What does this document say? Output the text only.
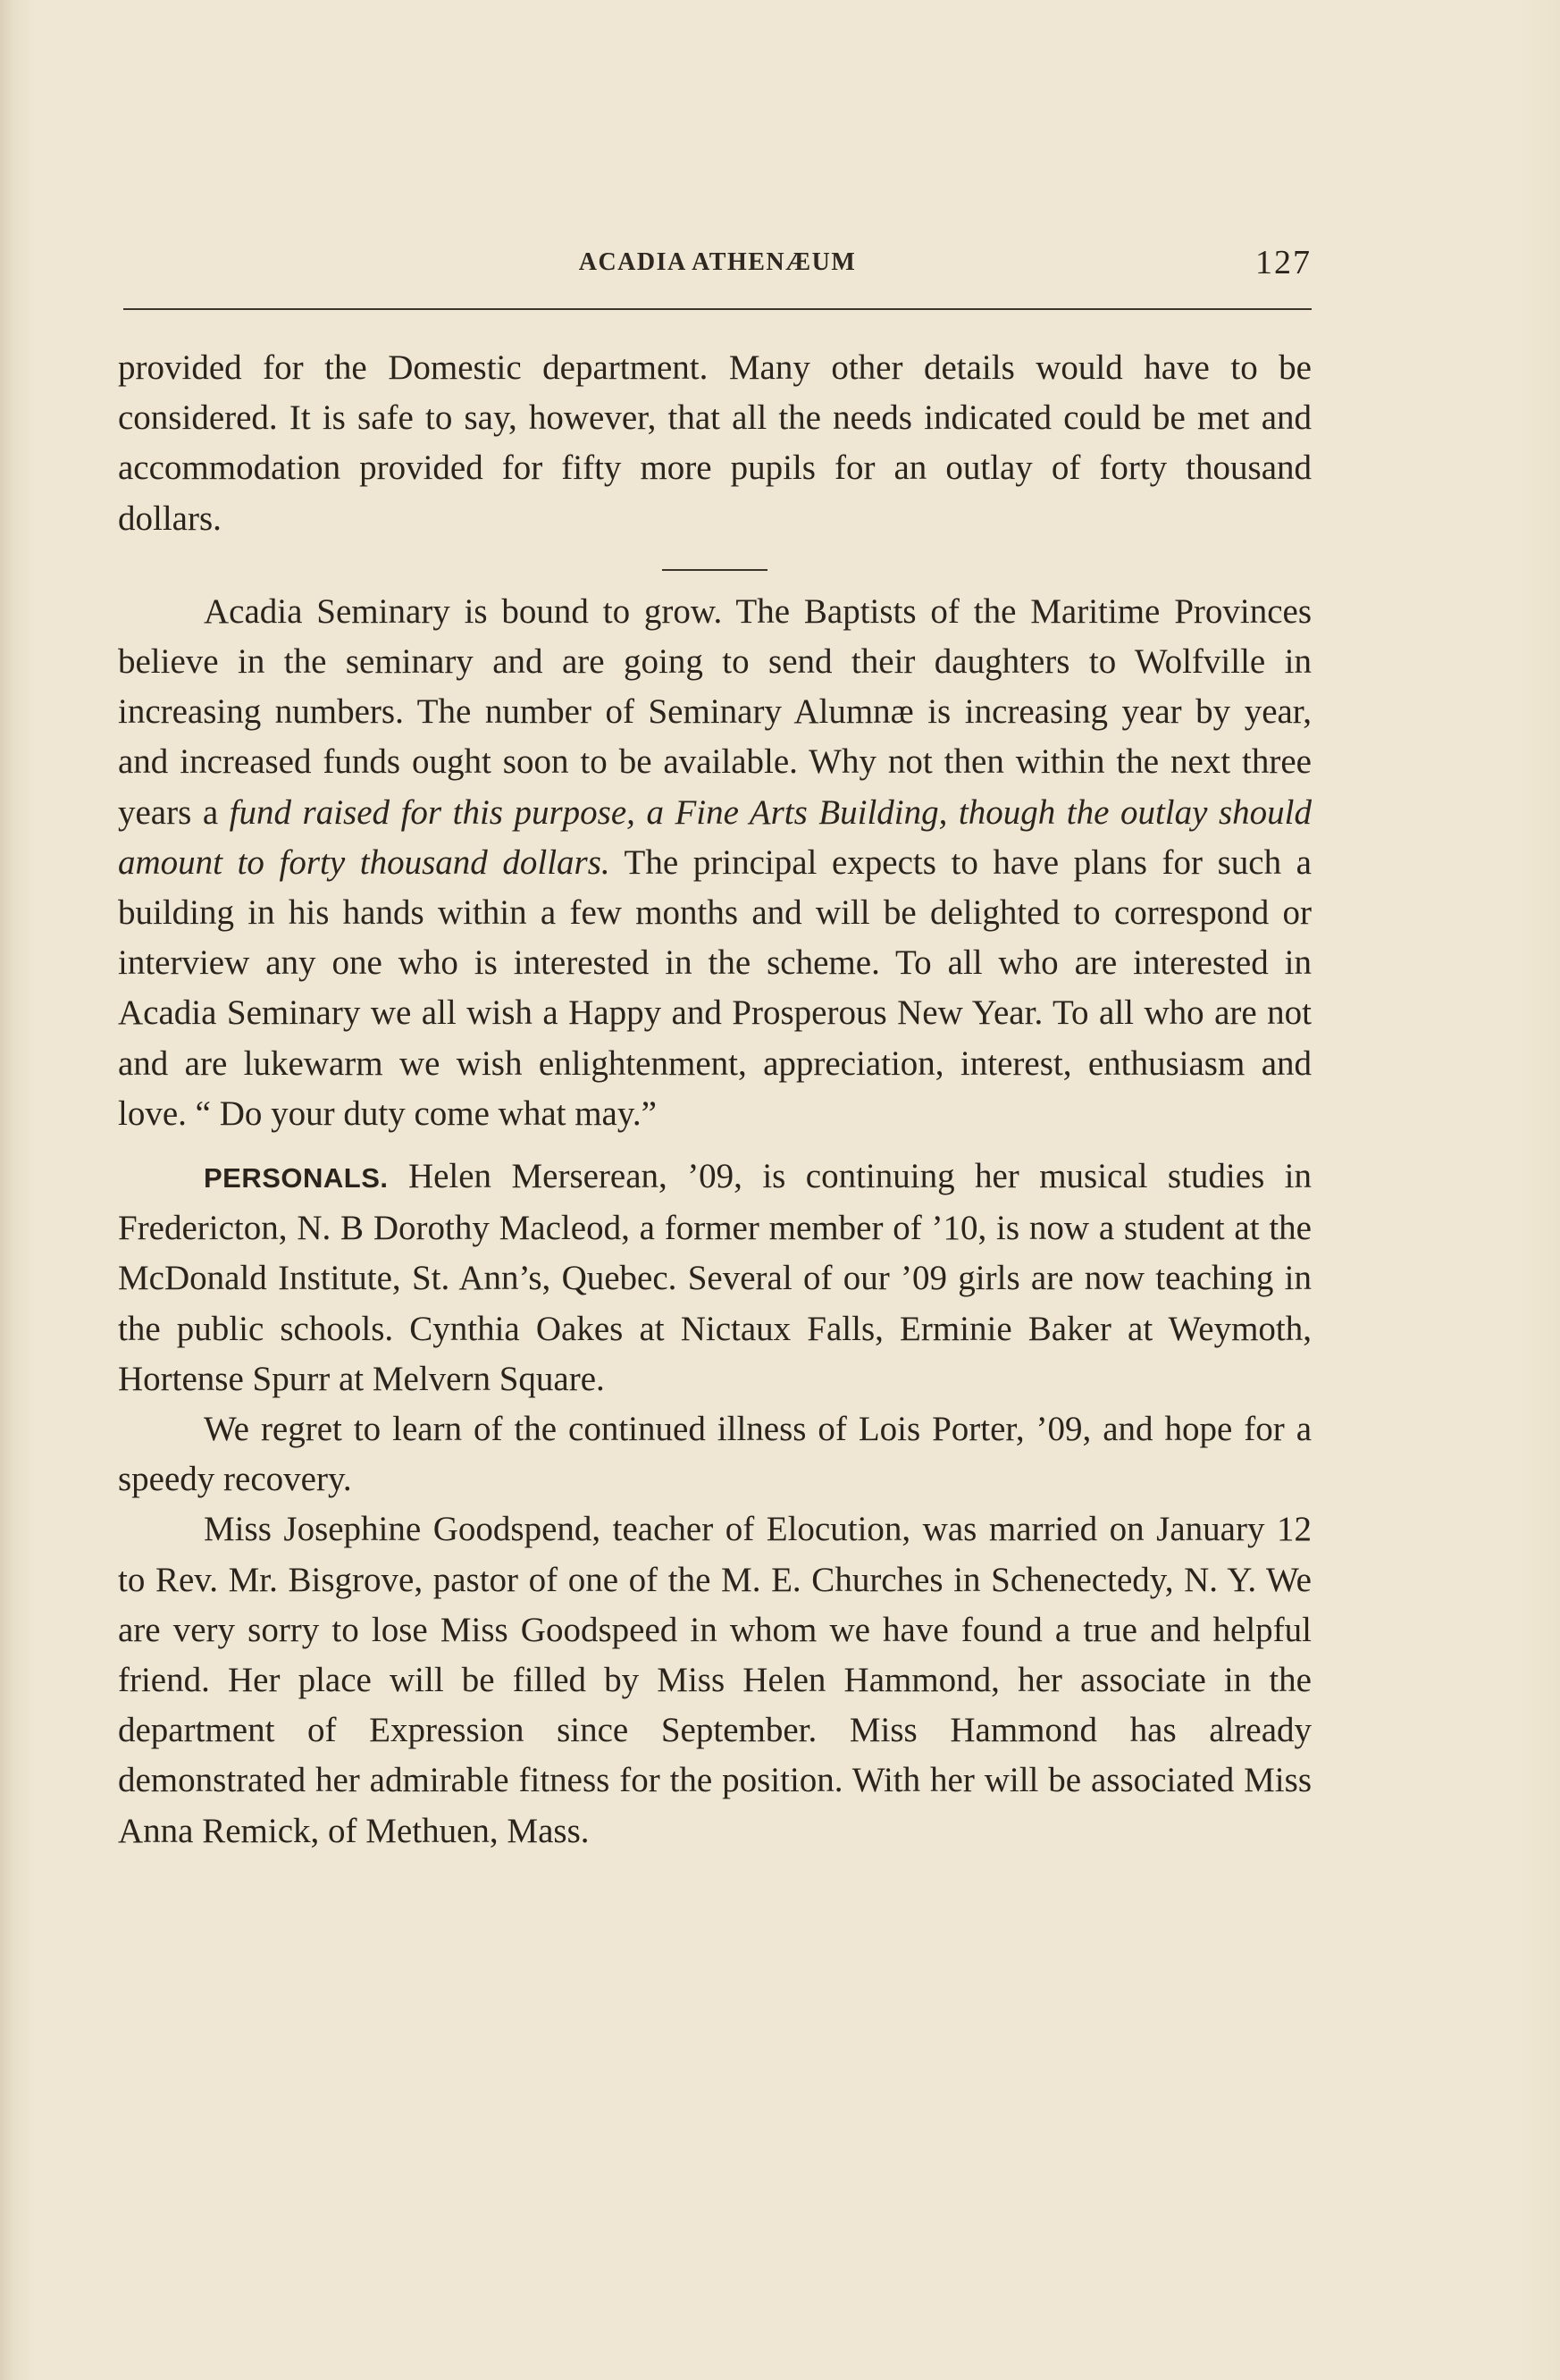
ACADIA ATHENÆUM	127

provided for the Domestic department. Many other details would have to be considered. It is safe to say, however, that all the needs indicated could be met and accommodation provided for fifty more pupils for an outlay of forty thousand dollars.

Acadia Seminary is bound to grow. The Baptists of the Maritime Provinces believe in the seminary and are going to send their daughters to Wolfville in increasing numbers. The number of Seminary Alumnæ is increasing year by year, and increased funds ought soon to be available. Why not then within the next three years a fund raised for this purpose, a Fine Arts Building, though the outlay should amount to forty thousand dollars. The principal expects to have plans for such a building in his hands within a few months and will be delighted to correspond or interview any one who is interested in the scheme. To all who are interested in Acadia Seminary we all wish a Happy and Prosperous New Year. To all who are not and are lukewarm we wish enlightenment, appreciation, interest, enthusiasm and love. “ Do your duty come what may.”

PERSONALS. Helen Merserean, ’09, is continuing her musical studies in Fredericton, N. B Dorothy Macleod, a former member of ’10, is now a student at the McDonald Institute, St. Ann’s, Quebec. Several of our ’09 girls are now teaching in the public schools. Cynthia Oakes at Nictaux Falls, Erminie Baker at Weymoth, Hortense Spurr at Melvern Square.

We regret to learn of the continued illness of Lois Porter, ’09, and hope for a speedy recovery.

Miss Josephine Goodspend, teacher of Elocution, was married on January 12 to Rev. Mr. Bisgrove, pastor of one of the M. E. Churches in Schenectedy, N. Y. We are very sorry to lose Miss Goodspeed in whom we have found a true and helpful friend. Her place will be filled by Miss Helen Hammond, her associate in the department of Expression since September. Miss Hammond has already demonstrated her admirable fitness for the position. With her will be associated Miss Anna Remick, of Methuen, Mass.
